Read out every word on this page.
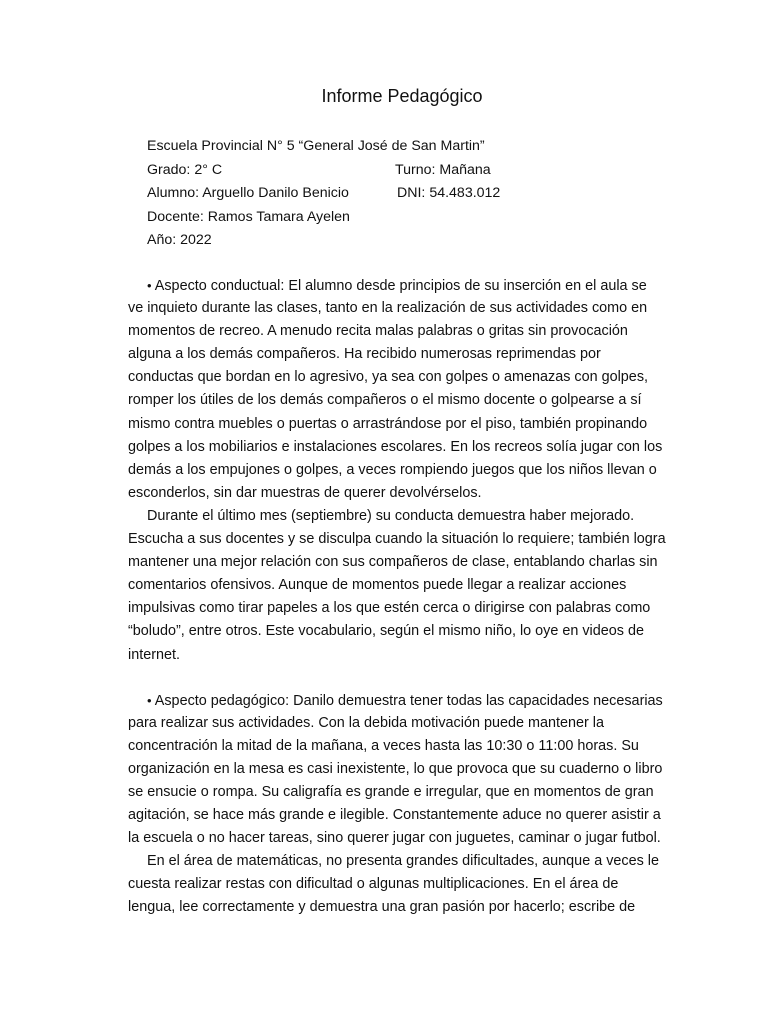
Informe Pedagógico
Escuela Provincial N° 5 “General José de San Martin”
Grado: 2° C	Turno: Mañana
Alumno: Arguello Danilo Benicio	DNI: 54.483.012
Docente: Ramos Tamara Ayelen
Año: 2022
• Aspecto conductual: El alumno desde principios de su inserción en el aula se
ve inquieto durante las clases, tanto en la realización de sus actividades como en
momentos de recreo. A menudo recita malas palabras o gritas sin provocación
alguna a los demás compañeros. Ha recibido numerosas reprimendas por
conductas que bordan en lo agresivo, ya sea con golpes o amenazas con golpes,
romper los útiles de los demás compañeros o el mismo docente o golpearse a sí
mismo contra muebles o puertas o arrastrándose por el piso, también propinando
golpes a los mobiliarios e instalaciones escolares. En los recreos solía jugar con los
demás a los empujones o golpes, a veces rompiendo juegos que los niños llevan o
esconderlos, sin dar muestras de querer devolvérselos.
Durante el último mes (septiembre) su conducta demuestra haber mejorado.
Escucha a sus docentes y se disculpa cuando la situación lo requiere; también logra
mantener una mejor relación con sus compañeros de clase, entablando charlas sin
comentarios ofensivos. Aunque de momentos puede llegar a realizar acciones
impulsivas como tirar papeles a los que estén cerca o dirigirse con palabras como
“boludo”, entre otros. Este vocabulario, según el mismo niño, lo oye en videos de
internet.
• Aspecto pedagógico: Danilo demuestra tener todas las capacidades necesarias
para realizar sus actividades. Con la debida motivación puede mantener la
concentración la mitad de la mañana, a veces hasta las 10:30 o 11:00 horas. Su
organización en la mesa es casi inexistente, lo que provoca que su cuaderno o libro
se ensucie o rompa. Su caligrafía es grande e irregular, que en momentos de gran
agitación, se hace más grande e ilegible. Constantemente aduce no querer asistir a
la escuela o no hacer tareas, sino querer jugar con juguetes, caminar o jugar futbol.
En el área de matemáticas, no presenta grandes dificultades, aunque a veces le
cuesta realizar restas con dificultad o algunas multiplicaciones. En el área de
lengua, lee correctamente y demuestra una gran pasión por hacerlo; escribe de
